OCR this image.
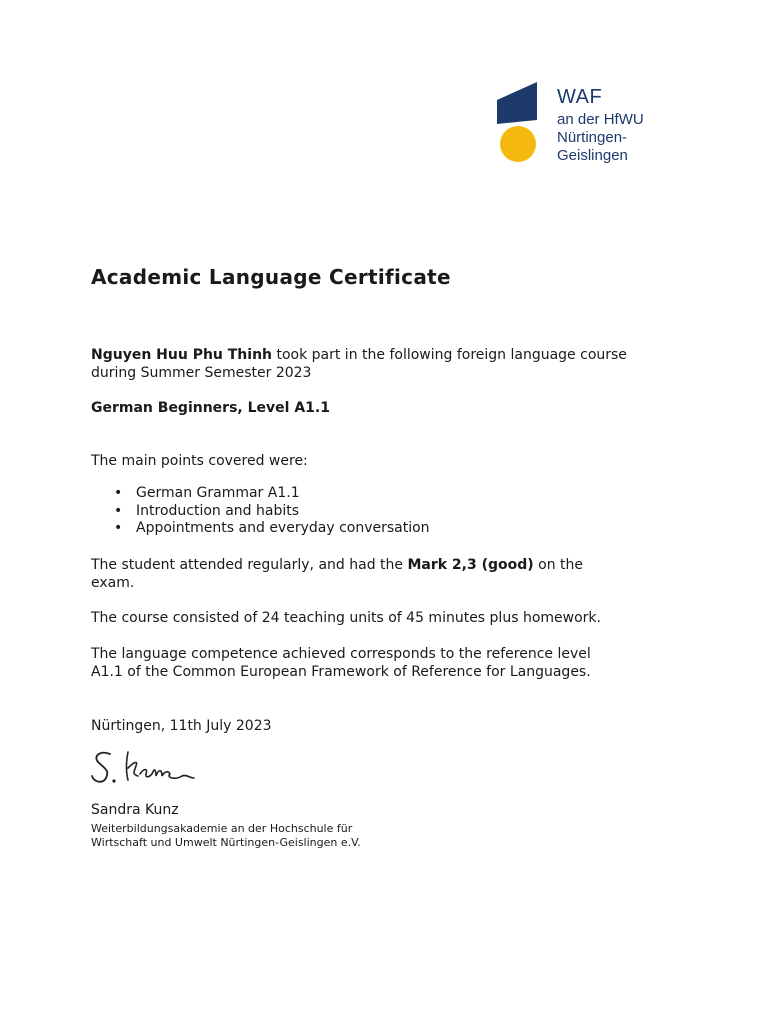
WAF
an der HfWU
Nürtingen-Geislingen
Academic Language Certificate

Nguyen Huu Phu Thinh took part in the following foreign language course
during Summer Semester 2023

German Beginners, Level A1.1

The main points covered were:

• German Grammar A1.1
• Introduction and habits
• Appointments and everyday conversation

The student attended regularly, and had the Mark 2,3 (good) on the
exam.

The course consisted of 24 teaching units of 45 minutes plus homework.

The language competence achieved corresponds to the reference level
A1.1 of the Common European Framework of Reference for Languages.

Nürtingen, 11th July 2023

Sandra Kunz

Weiterbildungsakademie an der Hochschule für
Wirtschaft und Umwelt Nürtingen-Geislingen e.V.
